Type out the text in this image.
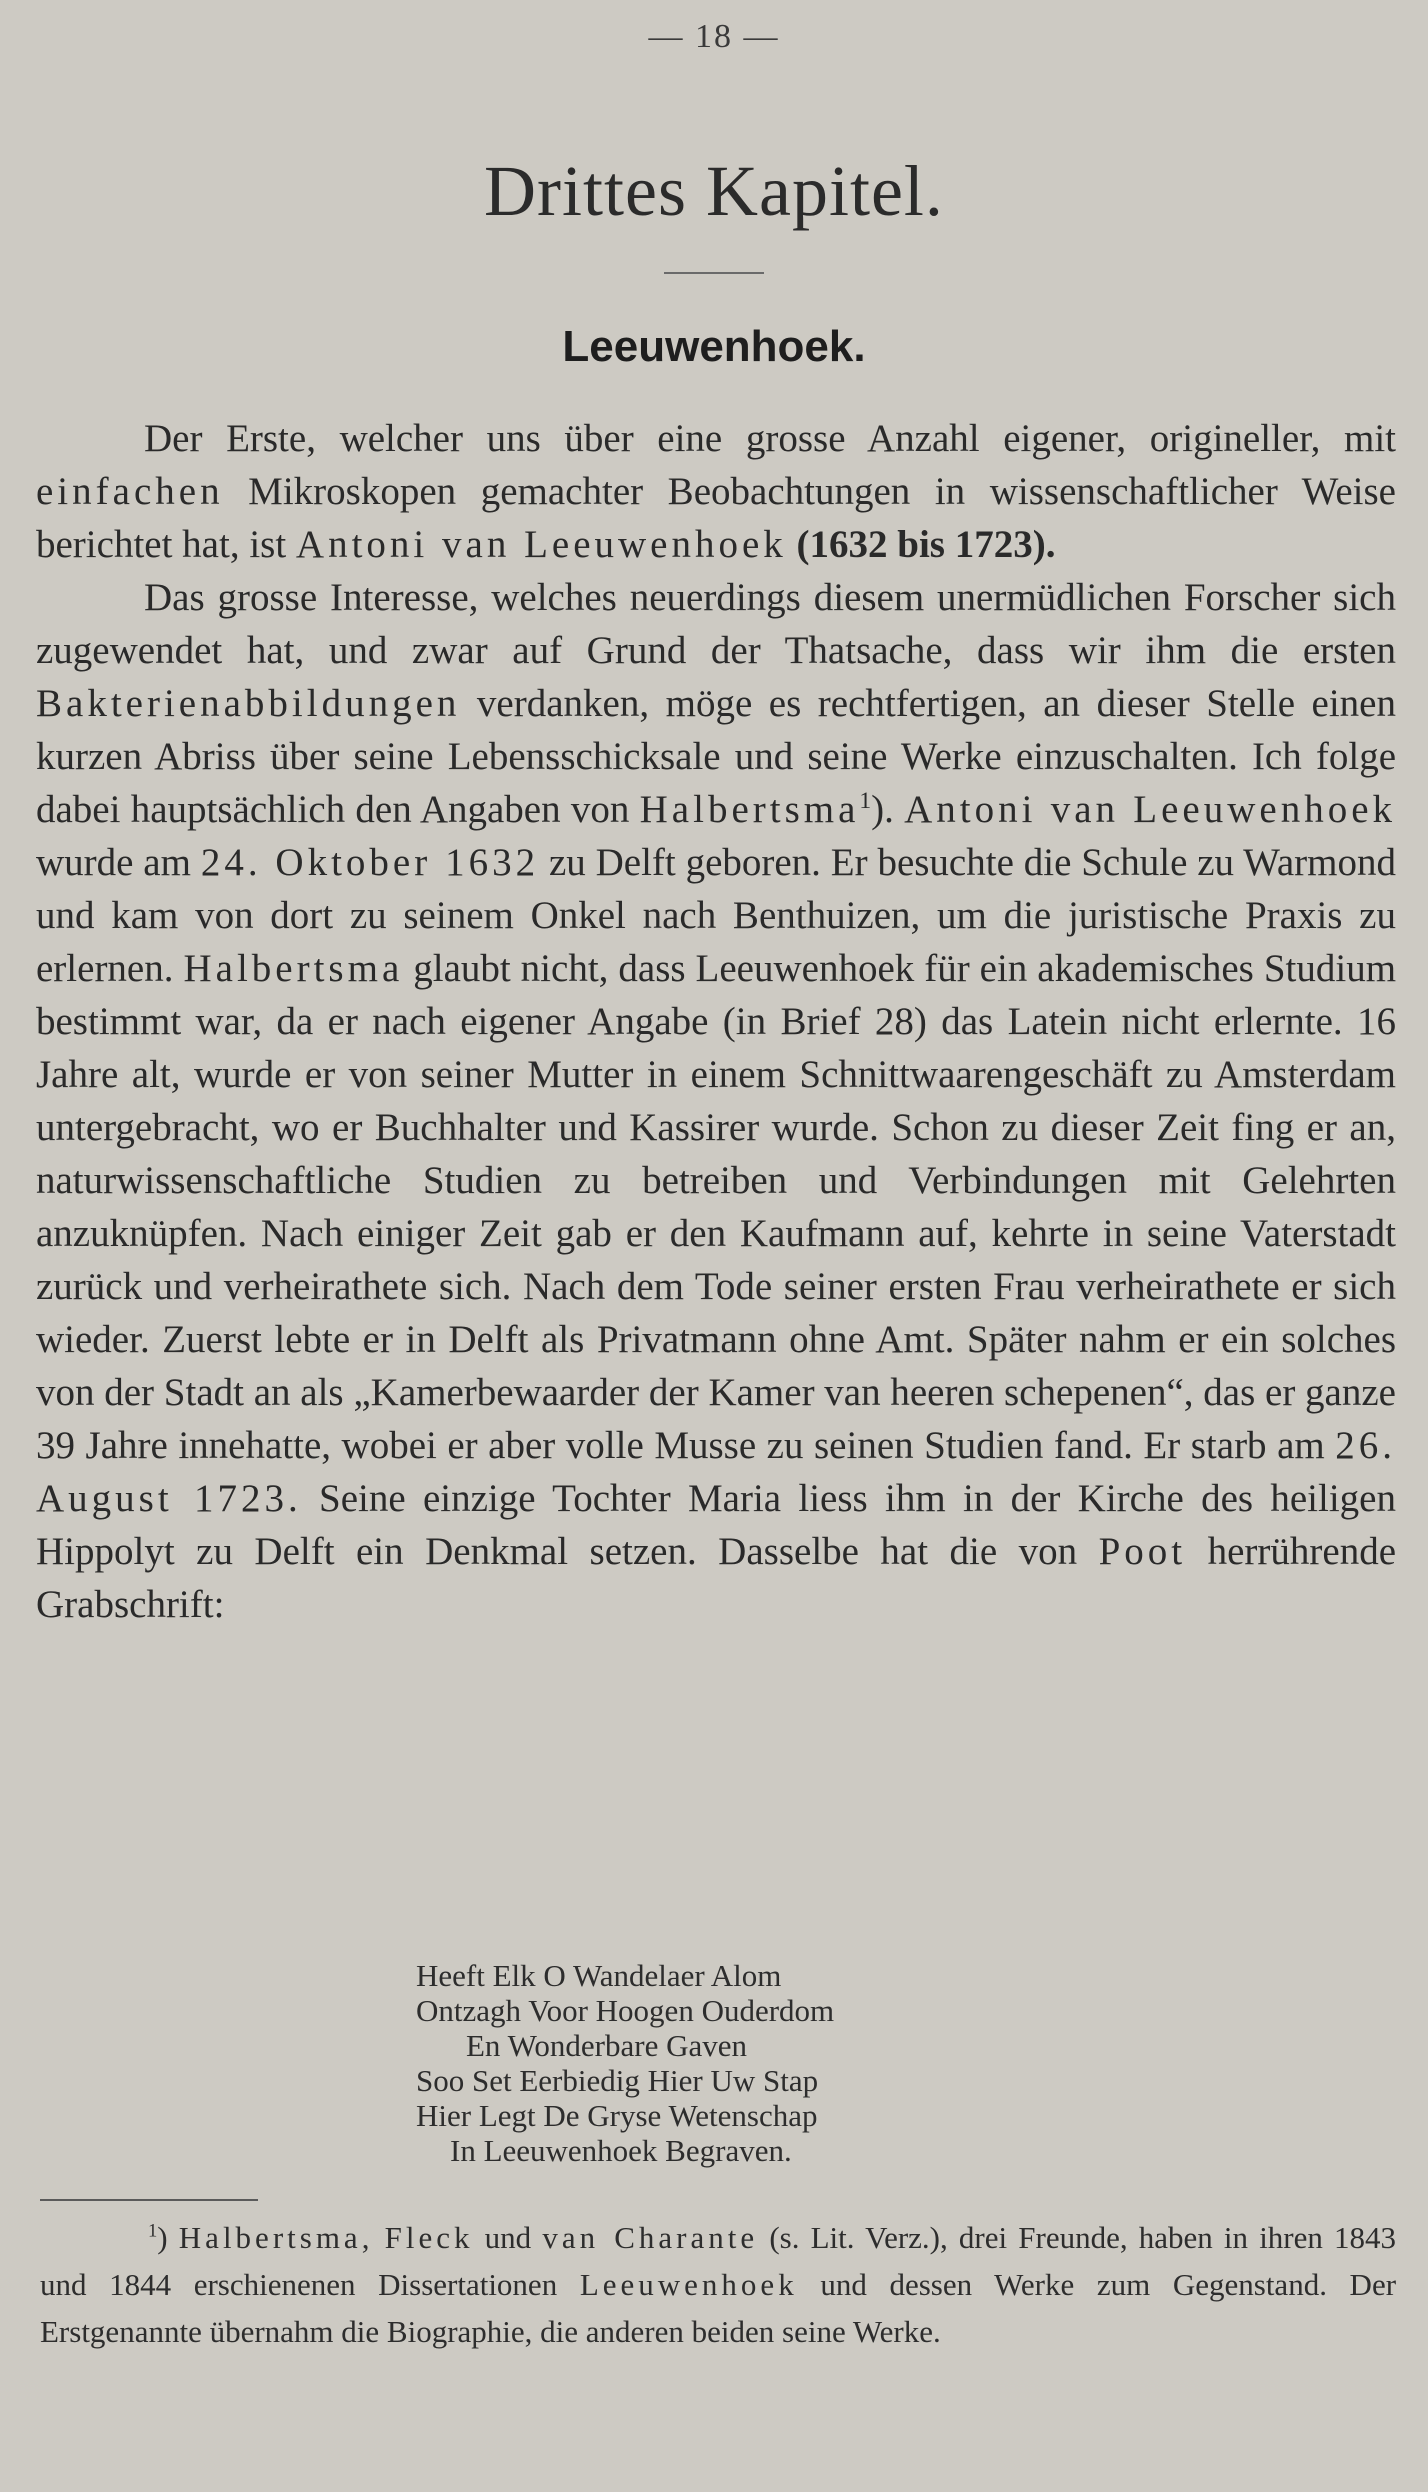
— 18 —
Drittes Kapitel.
Leeuwenhoek.

Der Erste, welcher uns über eine grosse Anzahl eigener, origineller, mit einfachen Mikroskopen gemachter Beobachtungen in wissenschaftlicher Weise berichtet hat, ist Antoni van Leeuwenhoek (1632 bis 1723).

Das grosse Interesse, welches neuerdings diesem unermüdlichen Forscher sich zugewendet hat, und zwar auf Grund der Thatsache, dass wir ihm die ersten Bakterienabbildungen verdanken, möge es rechtfertigen, an dieser Stelle einen kurzen Abriss über seine Lebensschicksale und seine Werke einzuschalten. Ich folge dabei hauptsächlich den Angaben von Halbertsma$^1$). Antoni van Leeuwenhoek wurde am 24. Oktober 1632 zu Delft geboren. Er besuchte die Schule zu Warmond und kam von dort zu seinem Onkel nach Benthuizen, um die juristische Praxis zu erlernen. Halbertsma glaubt nicht, dass Leeuwenhoek für ein akademisches Studium bestimmt war, da er nach eigener Angabe (in Brief 28) das Latein nicht erlernte. 16 Jahre alt, wurde er von seiner Mutter in einem Schnittwaarengeschäft zu Amsterdam untergebracht, wo er Buchhalter und Kassirer wurde. Schon zu dieser Zeit fing er an, naturwissenschaftliche Studien zu betreiben und Verbindungen mit Gelehrten anzuknüpfen. Nach einiger Zeit gab er den Kaufmann auf, kehrte in seine Vaterstadt zurück und verheirathete sich. Nach dem Tode seiner ersten Frau verheirathete er sich wieder. Zuerst lebte er in Delft als Privatmann ohne Amt. Später nahm er ein solches von der Stadt an als „Kamerbewaarder der Kamer van heeren schepenen“, das er ganze 39 Jahre innehatte, wobei er aber volle Musse zu seinen Studien fand. Er starb am 26. August 1723. Seine einzige Tochter Maria liess ihm in der Kirche des heiligen Hippolyt zu Delft ein Denkmal setzen. Dasselbe hat die von Poot herrührende Grabschrift:

Heeft Elk O Wandelaer Alom
Ontzagh Voor Hoogen Ouderdom
En Wonderbare Gaven
Soo Set Eerbiedig Hier Uw Stap
Hier Legt De Gryse Wetenschap
In Leeuwenhoek Begraven.

$^1$) Halbertsma, Fleck und van Charante (s. Lit. Verz.), drei Freunde, haben in ihren 1843 und 1844 erschienenen Dissertationen Leeuwenhoek und dessen Werke zum Gegenstand. Der Erstgenannte übernahm die Biographie, die anderen beiden seine Werke.
